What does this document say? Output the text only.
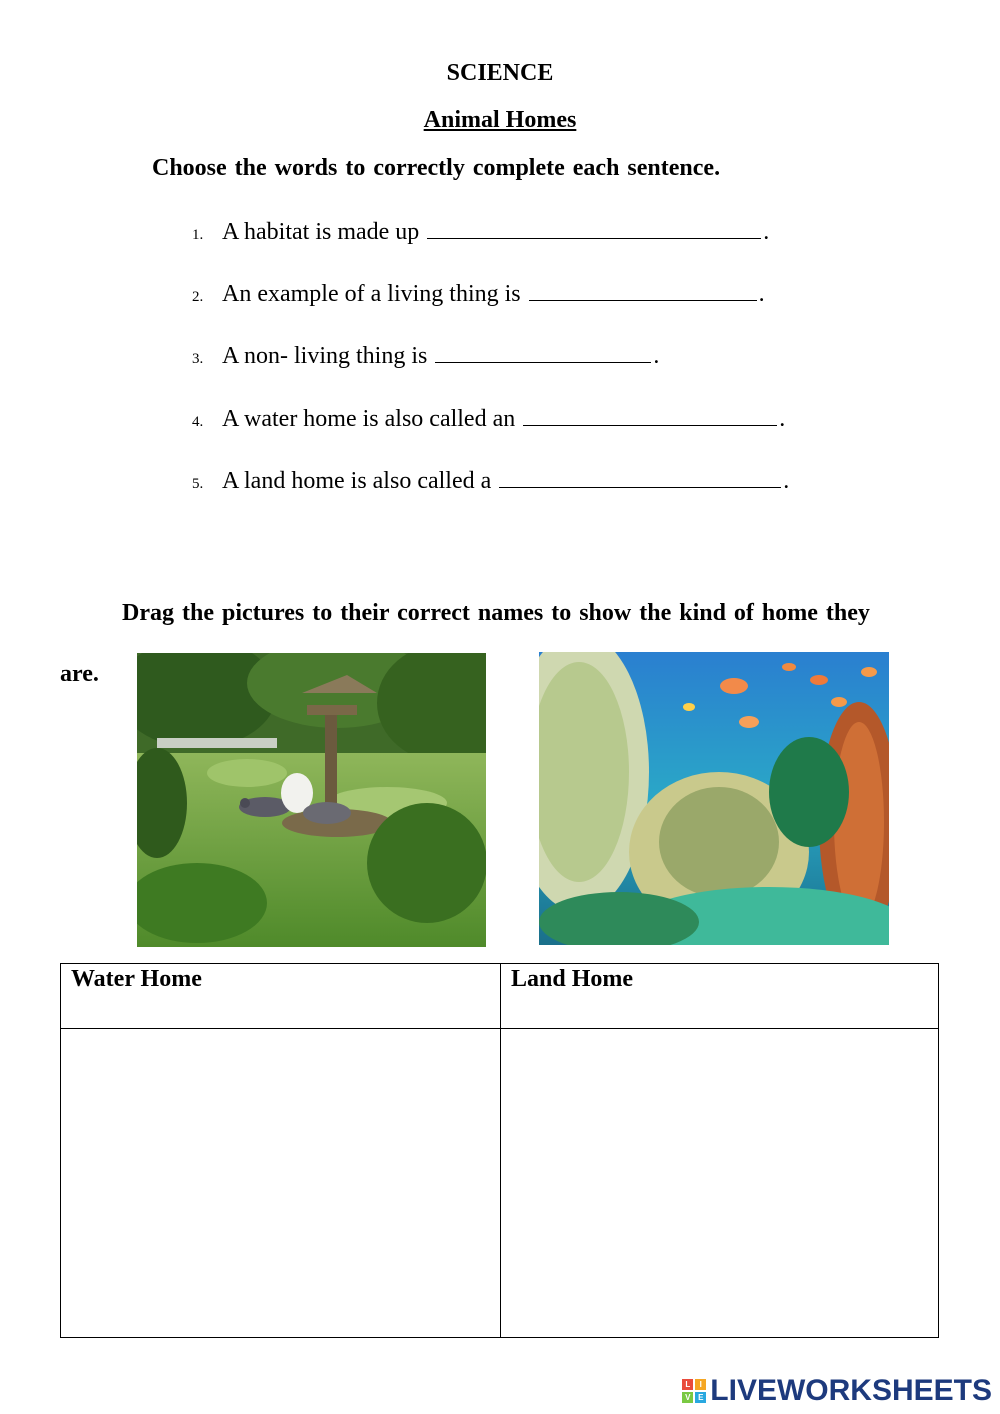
SCIENCE
Animal Homes
Choose the words to correctly complete each sentence.
1. A habitat is made up	.
2. An example of a living thing is	.
3. A non- living thing is	.
4. A water home is also called an	.
5. A land home is also called a	.
Drag the pictures to their correct names to show the kind of home they
are.
Water Home	Land Home

L	I
V E LIVEWORKSHEETS
